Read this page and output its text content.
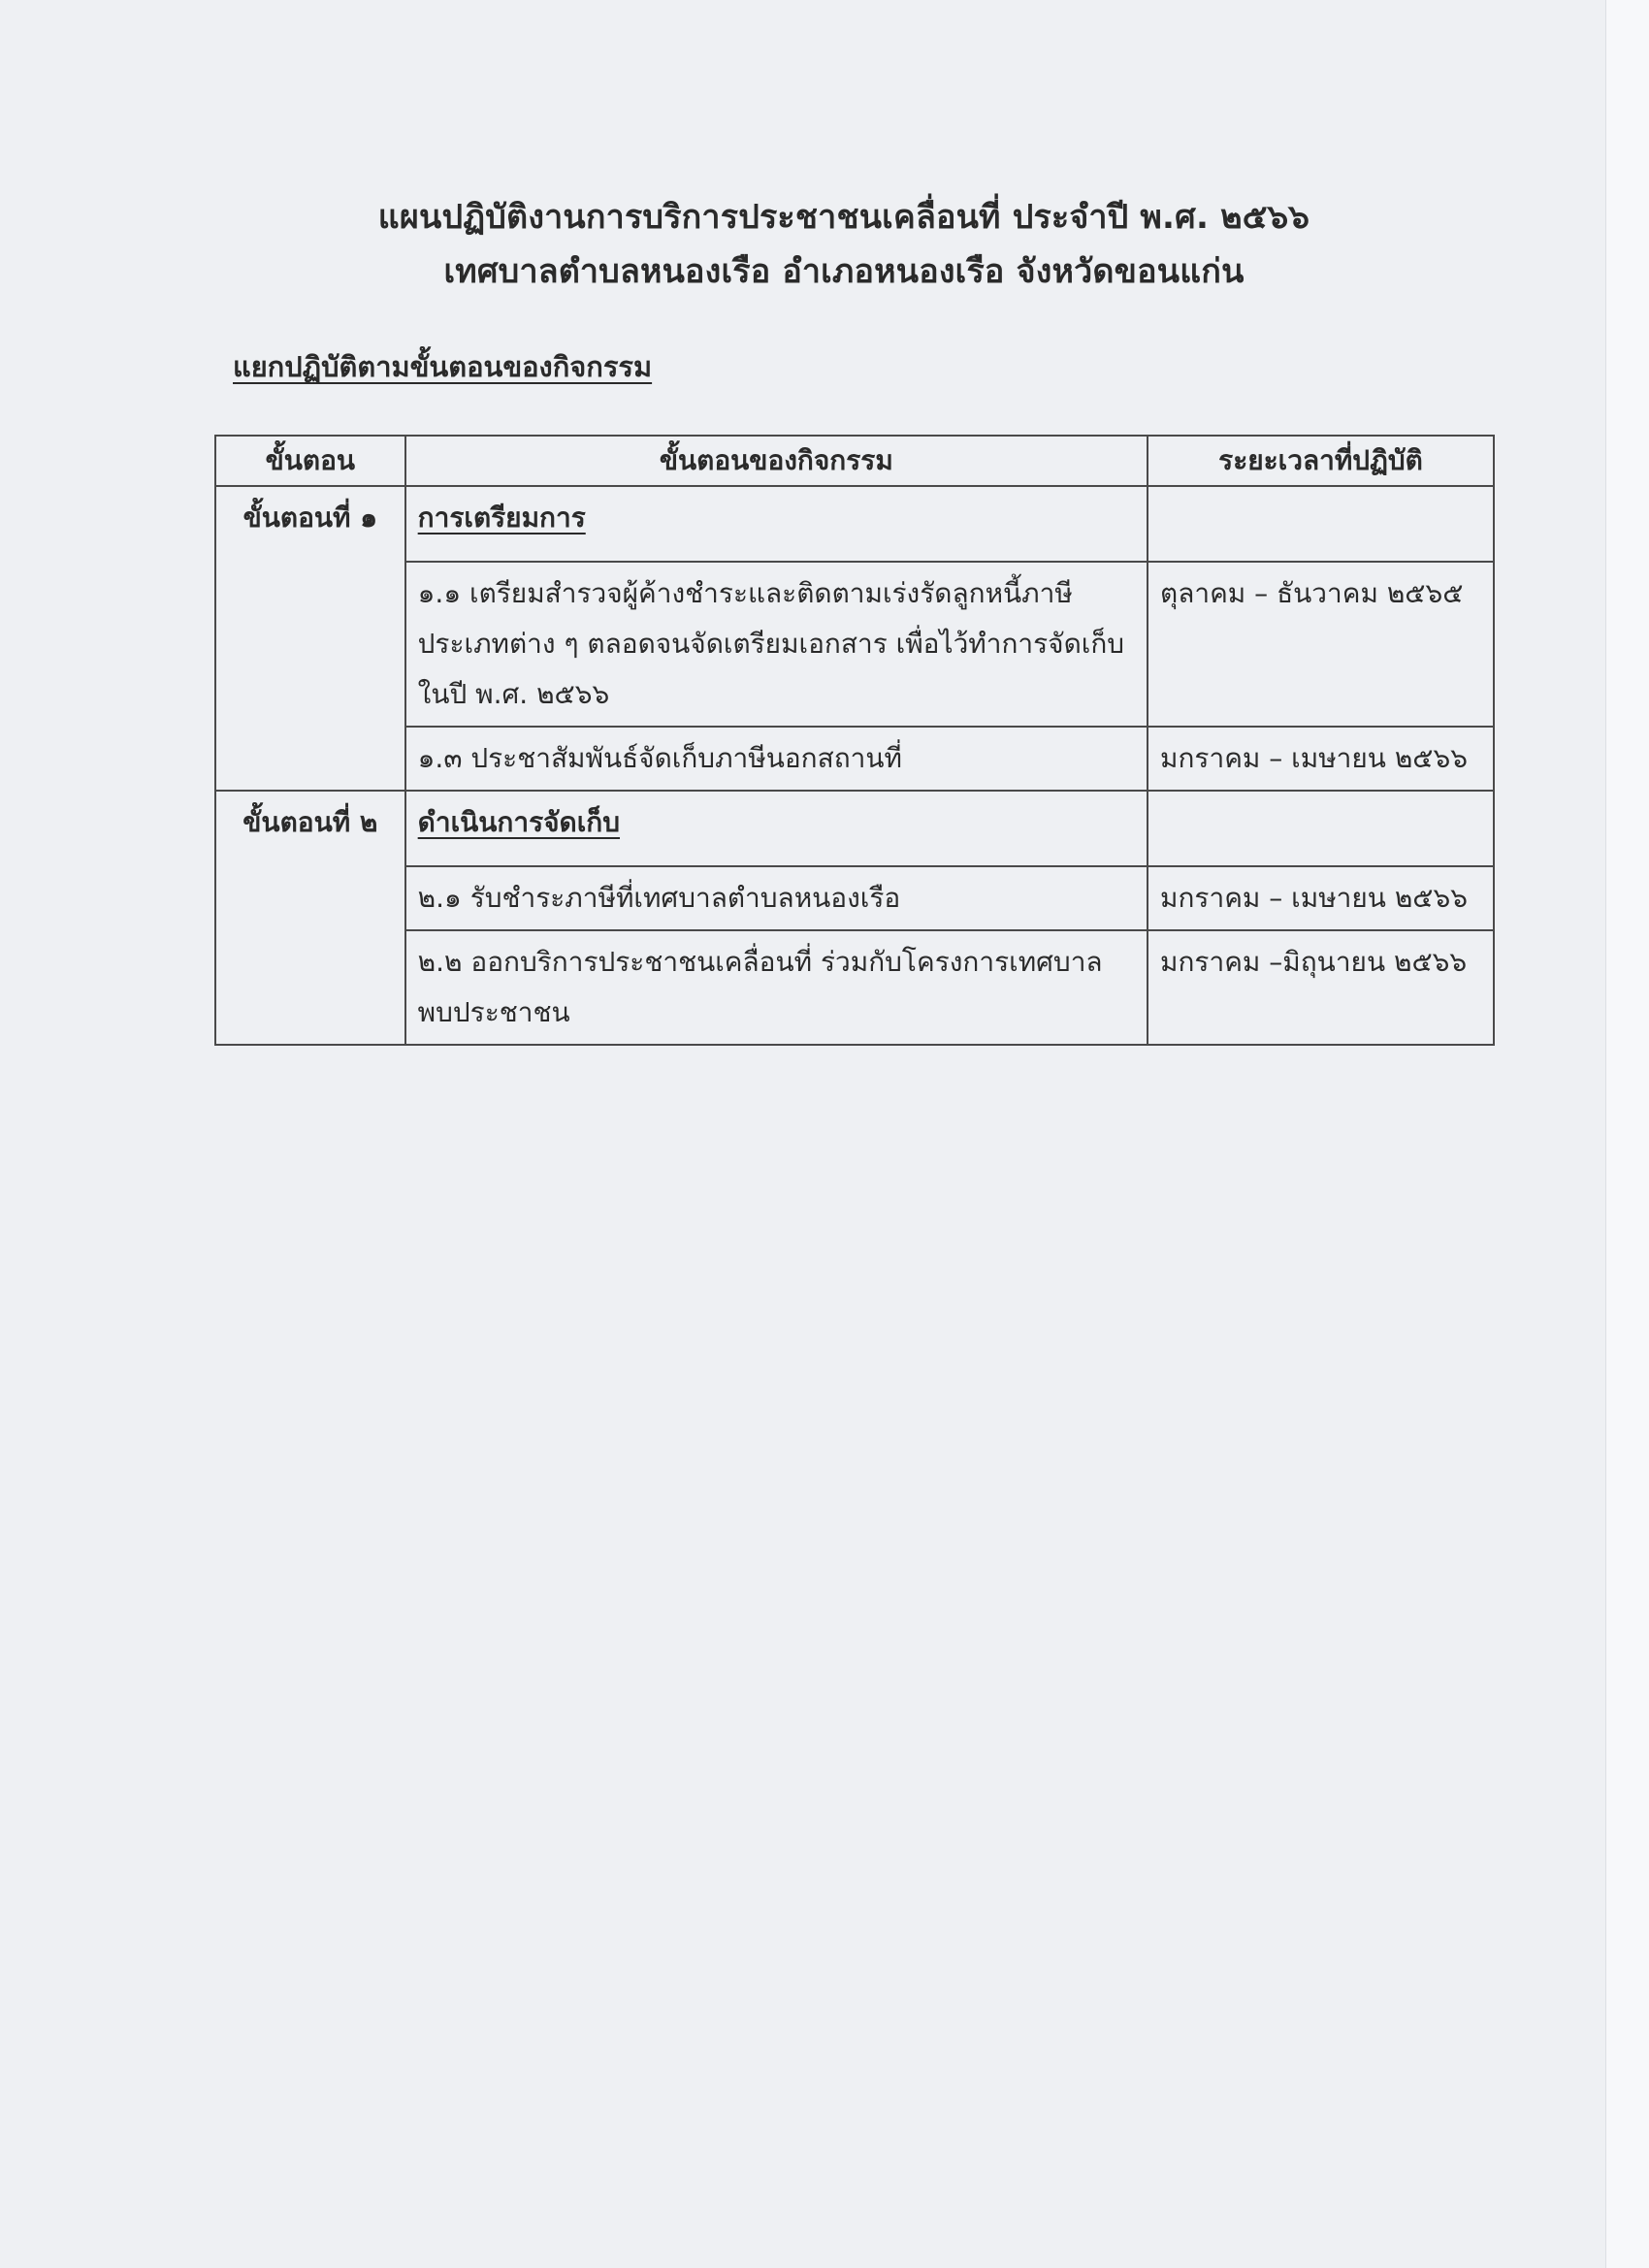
แผนปฏิบัติงานการบริการประชาชนเคลื่อนที่ ประจำปี พ.ศ. ๒๕๖๖
เทศบาลตำบลหนองเรือ อำเภอหนองเรือ จังหวัดขอนแก่น
แยกปฏิบัติตามขั้นตอนของกิจกรรม
ขั้นตอน	ขั้นตอนของกิจกรรม	ระยะเวลาที่ปฏิบัติ
ขั้นตอนที่ ๑	การเตรียมการ	
	๑.๑ เตรียมสำรวจผู้ค้างชำระและติดตามเร่งรัดลูกหนี้ภาษี ประเภทต่าง ๆ ตลอดจนจัดเตรียมเอกสาร เพื่อไว้ทำการจัดเก็บ ในปี พ.ศ. ๒๕๖๖	ตุลาคม – ธันวาคม ๒๕๖๕
	๑.๓ ประชาสัมพันธ์จัดเก็บภาษีนอกสถานที่	มกราคม – เมษายน ๒๕๖๖
ขั้นตอนที่ ๒	ดำเนินการจัดเก็บ	
	๒.๑ รับชำระภาษีที่เทศบาลตำบลหนองเรือ	มกราคม – เมษายน ๒๕๖๖
	๒.๒ ออกบริการประชาชนเคลื่อนที่ ร่วมกับโครงการเทศบาล พบประชาชน	มกราคม –มิถุนายน ๒๕๖๖
